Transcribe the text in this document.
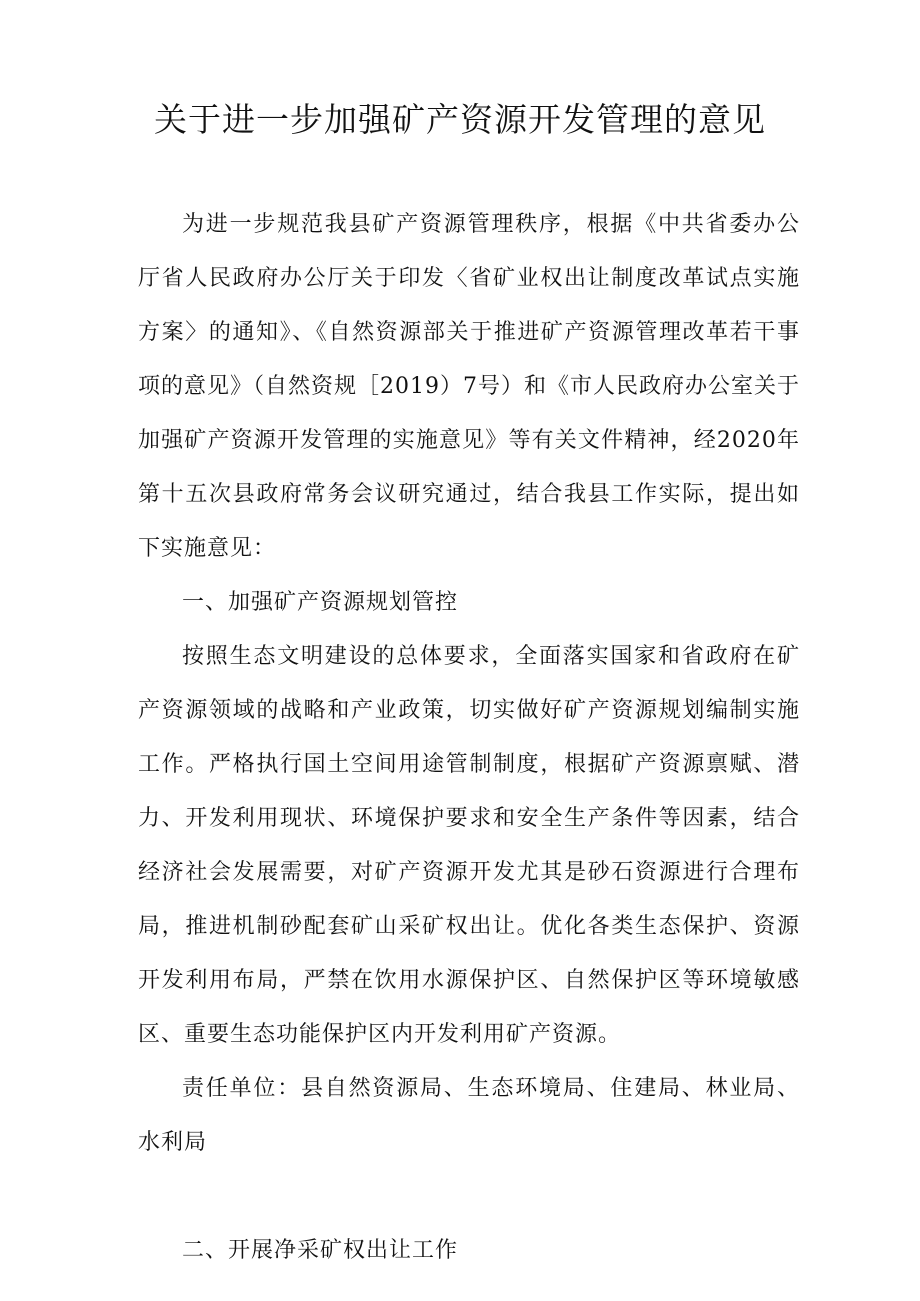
关于进一步加强矿产资源开发管理的意见

为进一步规范我县矿产资源管理秩序，根据《中共省委办公厅省人民政府办公厅关于印发〈省矿业权出让制度改革试点实施方案〉的通知》、《自然资源部关于推进矿产资源管理改革若干事项的意见》（自然资规［2019）7号）和《市人民政府办公室关于加强矿产资源开发管理的实施意见》等有关文件精神，经2020年第十五次县政府常务会议研究通过，结合我县工作实际，提出如下实施意见：

一、加强矿产资源规划管控

按照生态文明建设的总体要求，全面落实国家和省政府在矿产资源领域的战略和产业政策，切实做好矿产资源规划编制实施工作。严格执行国土空间用途管制制度，根据矿产资源禀赋、潜力、开发利用现状、环境保护要求和安全生产条件等因素，结合经济社会发展需要，对矿产资源开发尤其是砂石资源进行合理布局，推进机制砂配套矿山采矿权出让。优化各类生态保护、资源开发利用布局，严禁在饮用水源保护区、自然保护区等环境敏感区、重要生态功能保护区内开发利用矿产资源。

责任单位：县自然资源局、生态环境局、住建局、林业局、水利局

二、开展净采矿权出让工作
